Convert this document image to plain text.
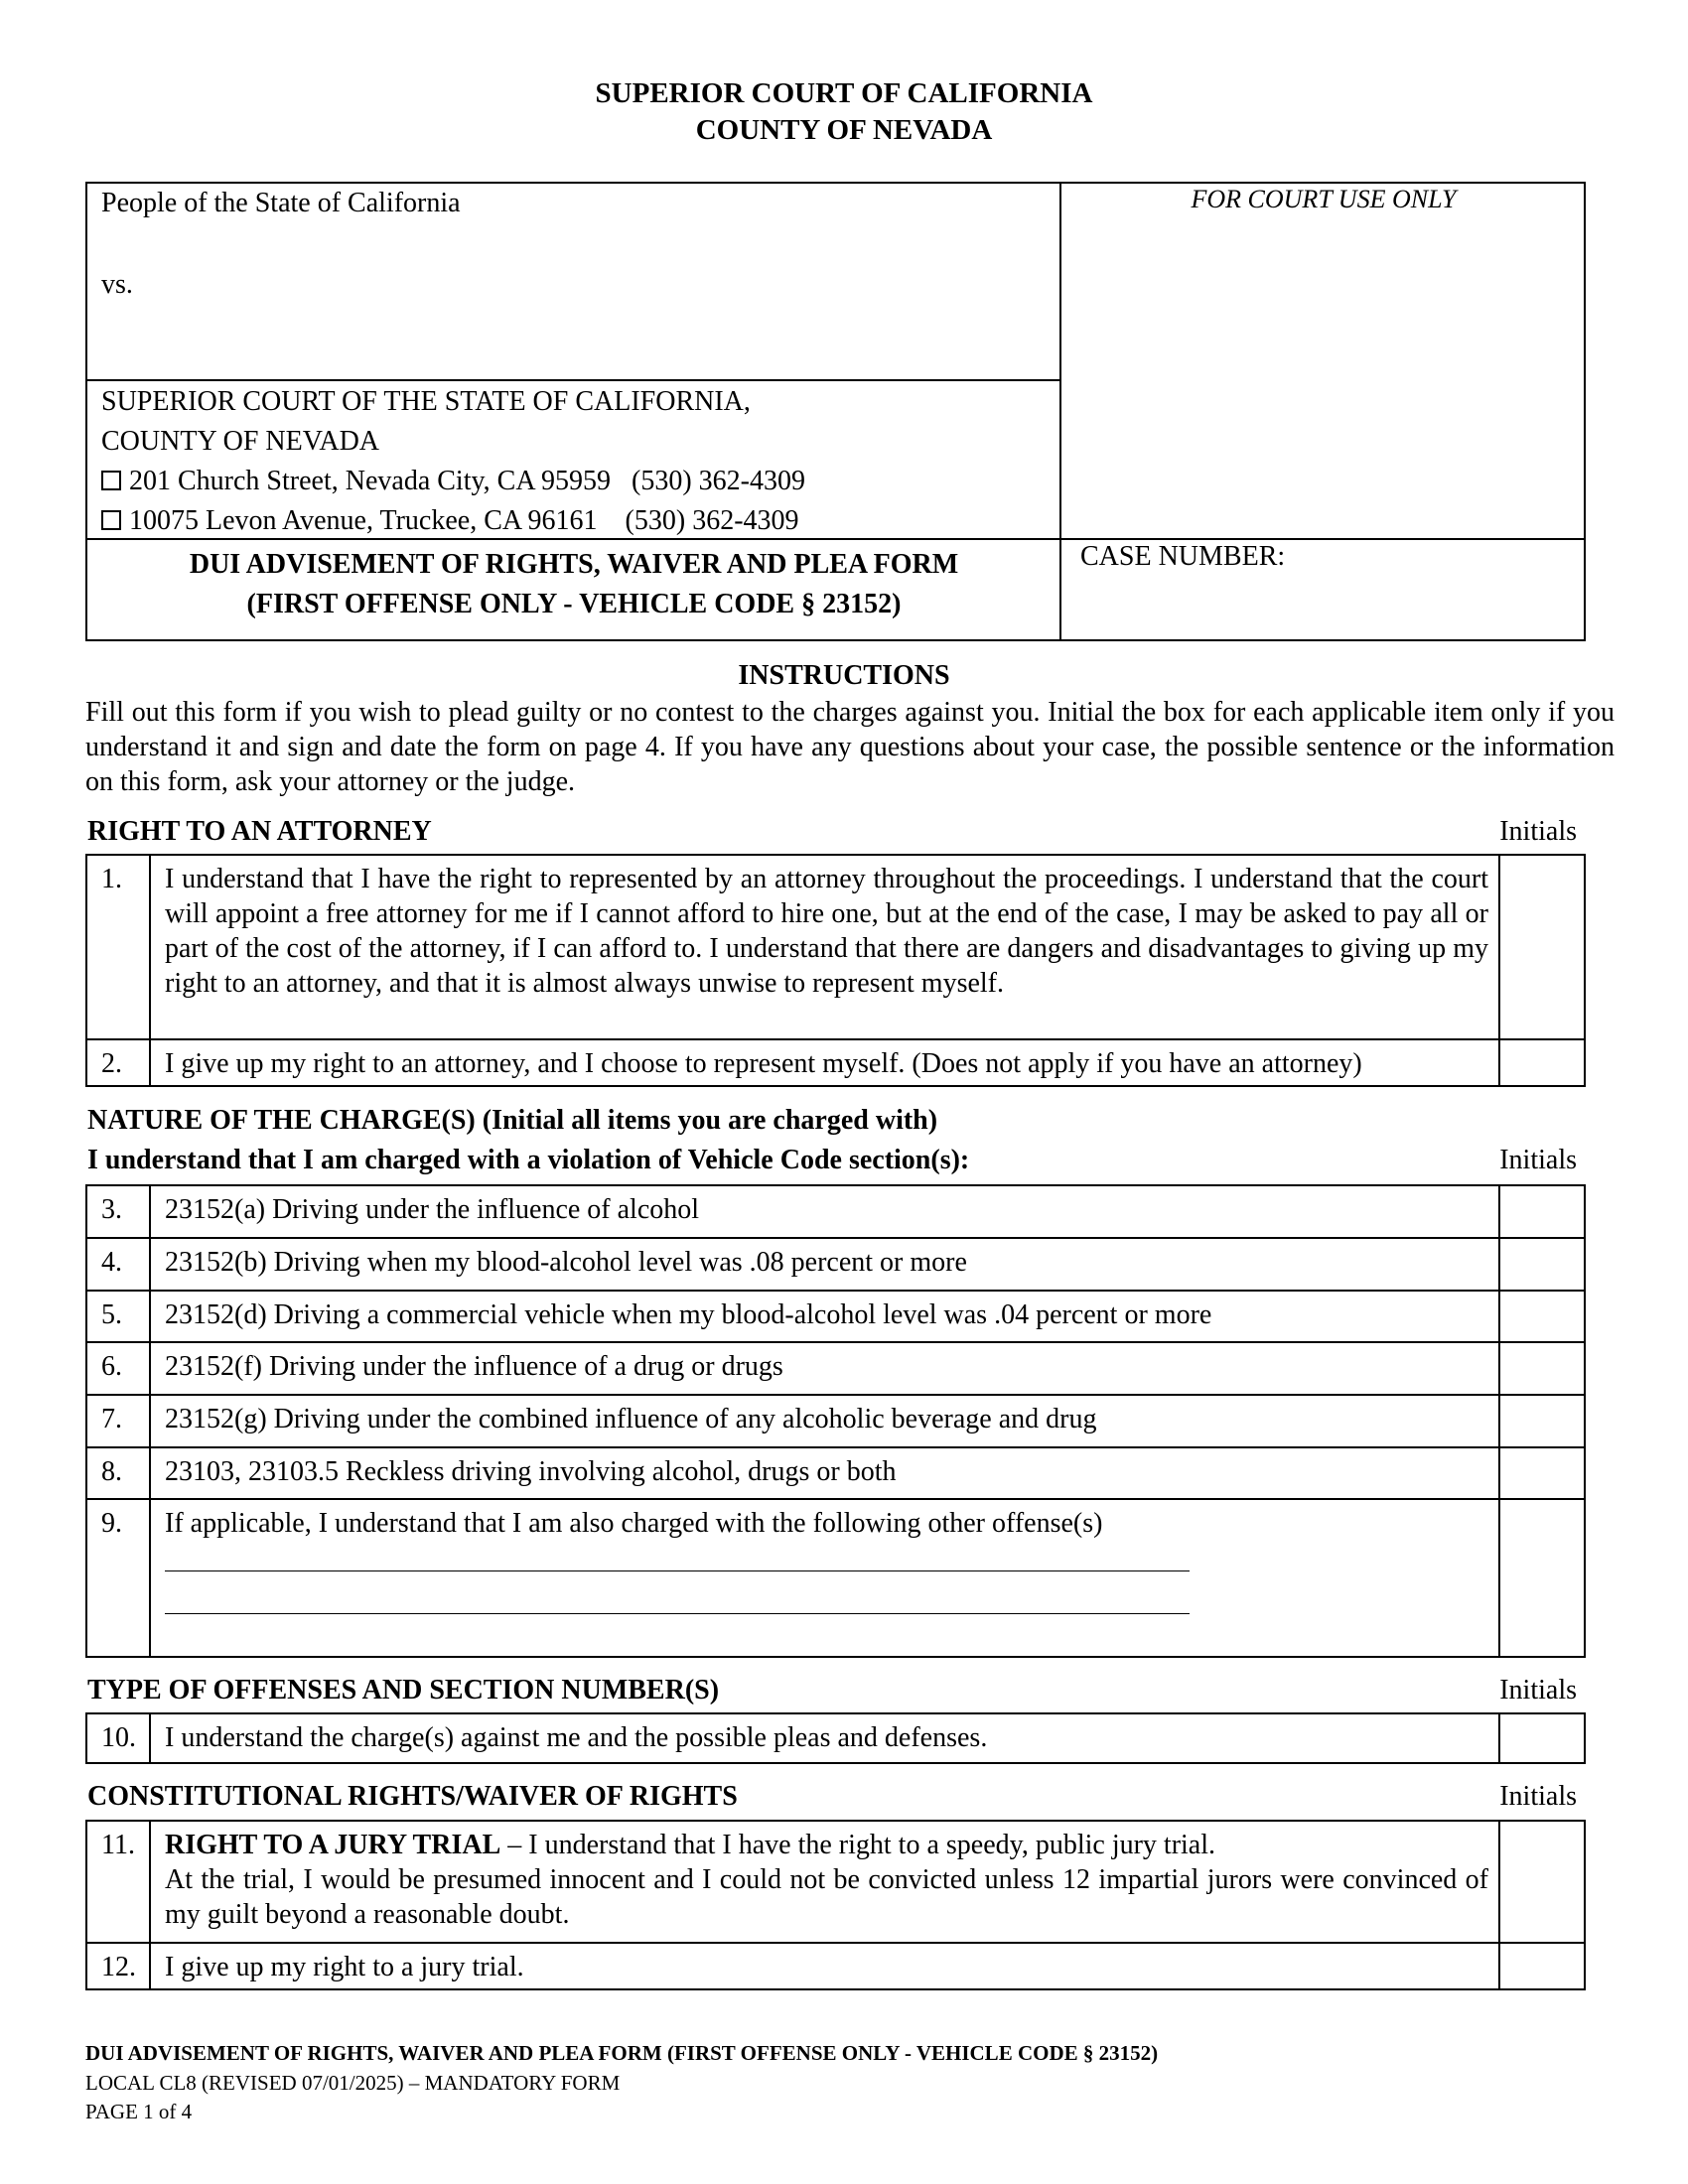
SUPERIOR COURT OF CALIFORNIA
COUNTY OF NEVADA
People of the State of California
vs.
FOR COURT USE ONLY
SUPERIOR COURT OF THE STATE OF CALIFORNIA,
COUNTY OF NEVADA
201 Church Street, Nevada City, CA 95959   (530) 362-4309
10075 Levon Avenue, Truckee, CA 96161    (530) 362-4309
DUI ADVISEMENT OF RIGHTS, WAIVER AND PLEA FORM
(FIRST OFFENSE ONLY - VEHICLE CODE § 23152)
CASE NUMBER:
INSTRUCTIONS
Fill out this form if you wish to plead guilty or no contest to the charges against you. Initial the box for each applicable item only if you understand it and sign and date the form on page 4. If you have any questions about your case, the possible sentence or the information on this form, ask your attorney or the judge.
RIGHT TO AN ATTORNEY	Initials
1.	I understand that I have the right to represented by an attorney throughout the proceedings. I understand that the court will appoint a free attorney for me if I cannot afford to hire one, but at the end of the case, I may be asked to pay all or part of the cost of the attorney, if I can afford to. I understand that there are dangers and disadvantages to giving up my right to an attorney, and that it is almost always unwise to represent myself.	
2.	I give up my right to an attorney, and I choose to represent myself. (Does not apply if you have an attorney)	
NATURE OF THE CHARGE(S) (Initial all items you are charged with)
I understand that I am charged with a violation of Vehicle Code section(s):	Initials
3.	23152(a) Driving under the influence of alcohol	
4.	23152(b) Driving when my blood-alcohol level was .08 percent or more	
5.	23152(d) Driving a commercial vehicle when my blood-alcohol level was .04 percent or more	
6.	23152(f) Driving under the influence of a drug or drugs	
7.	23152(g) Driving under the combined influence of any alcoholic beverage and drug	
8.	23103, 23103.5 Reckless driving involving alcohol, drugs or both	
9.	If applicable, I understand that I am also charged with the following other offense(s)	

TYPE OF OFFENSES AND SECTION NUMBER(S)	Initials
10.	I understand the charge(s) against me and the possible pleas and defenses.	
CONSTITUTIONAL RIGHTS/WAIVER OF RIGHTS	Initials
11.	RIGHT TO A JURY TRIAL – I understand that I have the right to a speedy, public jury trial.
At the trial, I would be presumed innocent and I could not be convicted unless 12 impartial jurors were convinced of my guilt beyond a reasonable doubt.	

12.	I give up my right to a jury trial.	
DUI ADVISEMENT OF RIGHTS, WAIVER AND PLEA FORM (FIRST OFFENSE ONLY - VEHICLE CODE § 23152)
LOCAL CL8 (REVISED 07/01/2025) – MANDATORY FORM
PAGE 1 of 4
